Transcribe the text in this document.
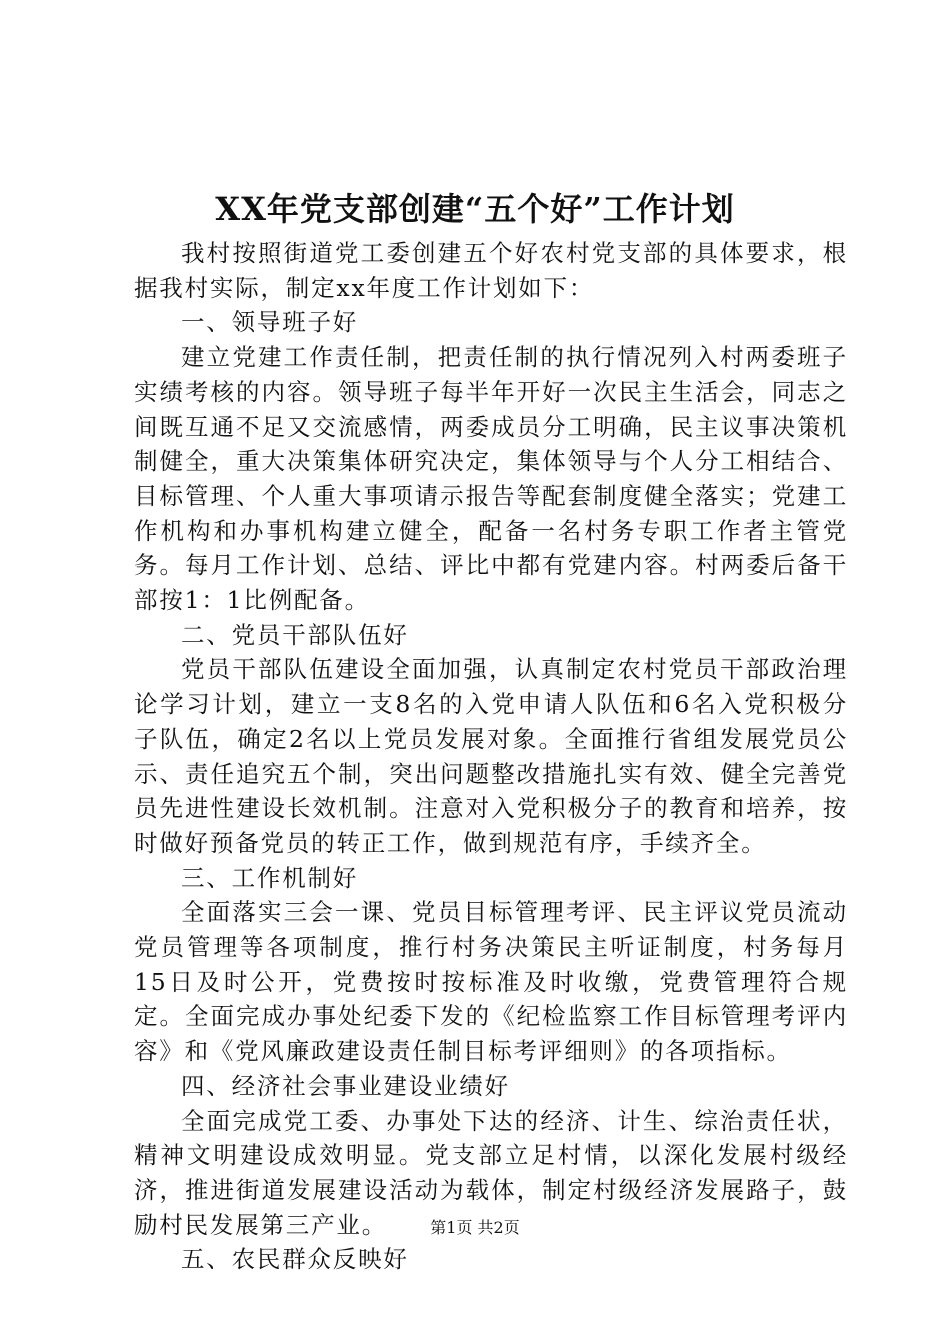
XX年党支部创建“五个好”工作计划

我村按照街道党工委创建五个好农村党支部的具体要求，根据我村实际，制定xx年度工作计划如下：

一、领导班子好

建立党建工作责任制，把责任制的执行情况列入村两委班子实绩考核的内容。领导班子每半年开好一次民主生活会，同志之间既互通不足又交流感情，两委成员分工明确，民主议事决策机制健全，重大决策集体研究决定，集体领导与个人分工相结合、目标管理、个人重大事项请示报告等配套制度健全落实；党建工作机构和办事机构建立健全，配备一名村务专职工作者主管党务。每月工作计划、总结、评比中都有党建内容。村两委后备干部按1：1比例配备。

二、党员干部队伍好

党员干部队伍建设全面加强，认真制定农村党员干部政治理论学习计划，建立一支8名的入党申请人队伍和6名入党积极分子队伍，确定2名以上党员发展对象。全面推行省组发展党员公示、责任追究五个制，突出问题整改措施扎实有效、健全完善党员先进性建设长效机制。注意对入党积极分子的教育和培养，按时做好预备党员的转正工作，做到规范有序，手续齐全。

三、工作机制好

全面落实三会一课、党员目标管理考评、民主评议党员流动党员管理等各项制度，推行村务决策民主听证制度，村务每月15日及时公开，党费按时按标准及时收缴，党费管理符合规定。全面完成办事处纪委下发的《纪检监察工作目标管理考评内容》和《党风廉政建设责任制目标考评细则》的各项指标。

四、经济社会事业建设业绩好

全面完成党工委、办事处下达的经济、计生、综治责任状，精神文明建设成效明显。党支部立足村情，以深化发展村级经济，推进街道发展建设活动为载体，制定村级经济发展路子，鼓励村民发展第三产业。

五、农民群众反映好

第1页 共2页
